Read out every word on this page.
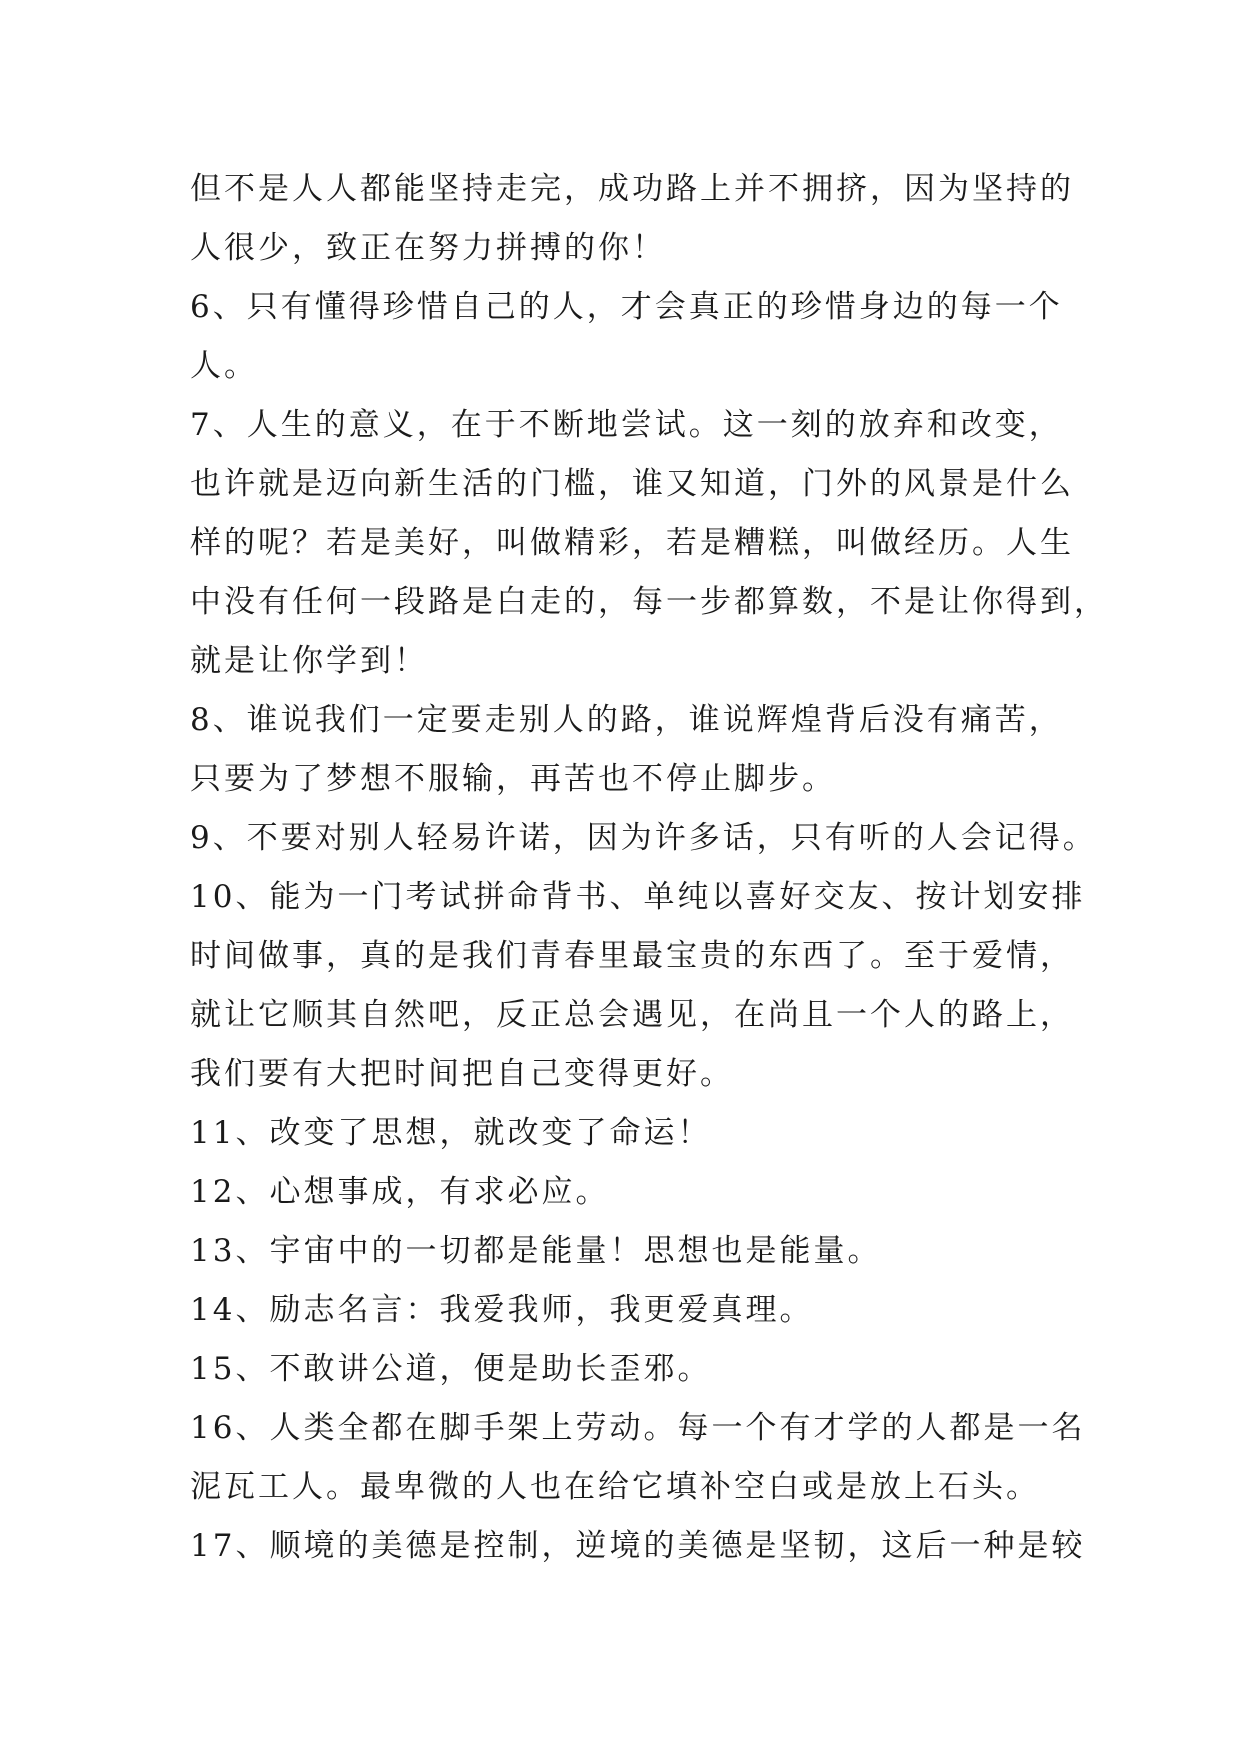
但不是人人都能坚持走完，成功路上并不拥挤，因为坚持的
人很少，致正在努力拼搏的你！
6、只有懂得珍惜自己的人，才会真正的珍惜身边的每一个
人。
7、人生的意义，在于不断地尝试。这一刻的放弃和改变，
也许就是迈向新生活的门槛，谁又知道，门外的风景是什么
样的呢？若是美好，叫做精彩，若是糟糕，叫做经历。人生
中没有任何一段路是白走的，每一步都算数，不是让你得到，
就是让你学到！
8、谁说我们一定要走别人的路，谁说辉煌背后没有痛苦，
只要为了梦想不服输，再苦也不停止脚步。
9、不要对别人轻易许诺，因为许多话，只有听的人会记得。
10、能为一门考试拼命背书、单纯以喜好交友、按计划安排
时间做事，真的是我们青春里最宝贵的东西了。至于爱情，
就让它顺其自然吧，反正总会遇见，在尚且一个人的路上，
我们要有大把时间把自己变得更好。
11、改变了思想，就改变了命运！
12、心想事成，有求必应。
13、宇宙中的一切都是能量！思想也是能量。
14、励志名言：我爱我师，我更爱真理。
15、不敢讲公道，便是助长歪邪。
16、人类全都在脚手架上劳动。每一个有才学的人都是一名
泥瓦工人。最卑微的人也在给它填补空白或是放上石头。
17、顺境的美德是控制，逆境的美德是坚韧，这后一种是较
